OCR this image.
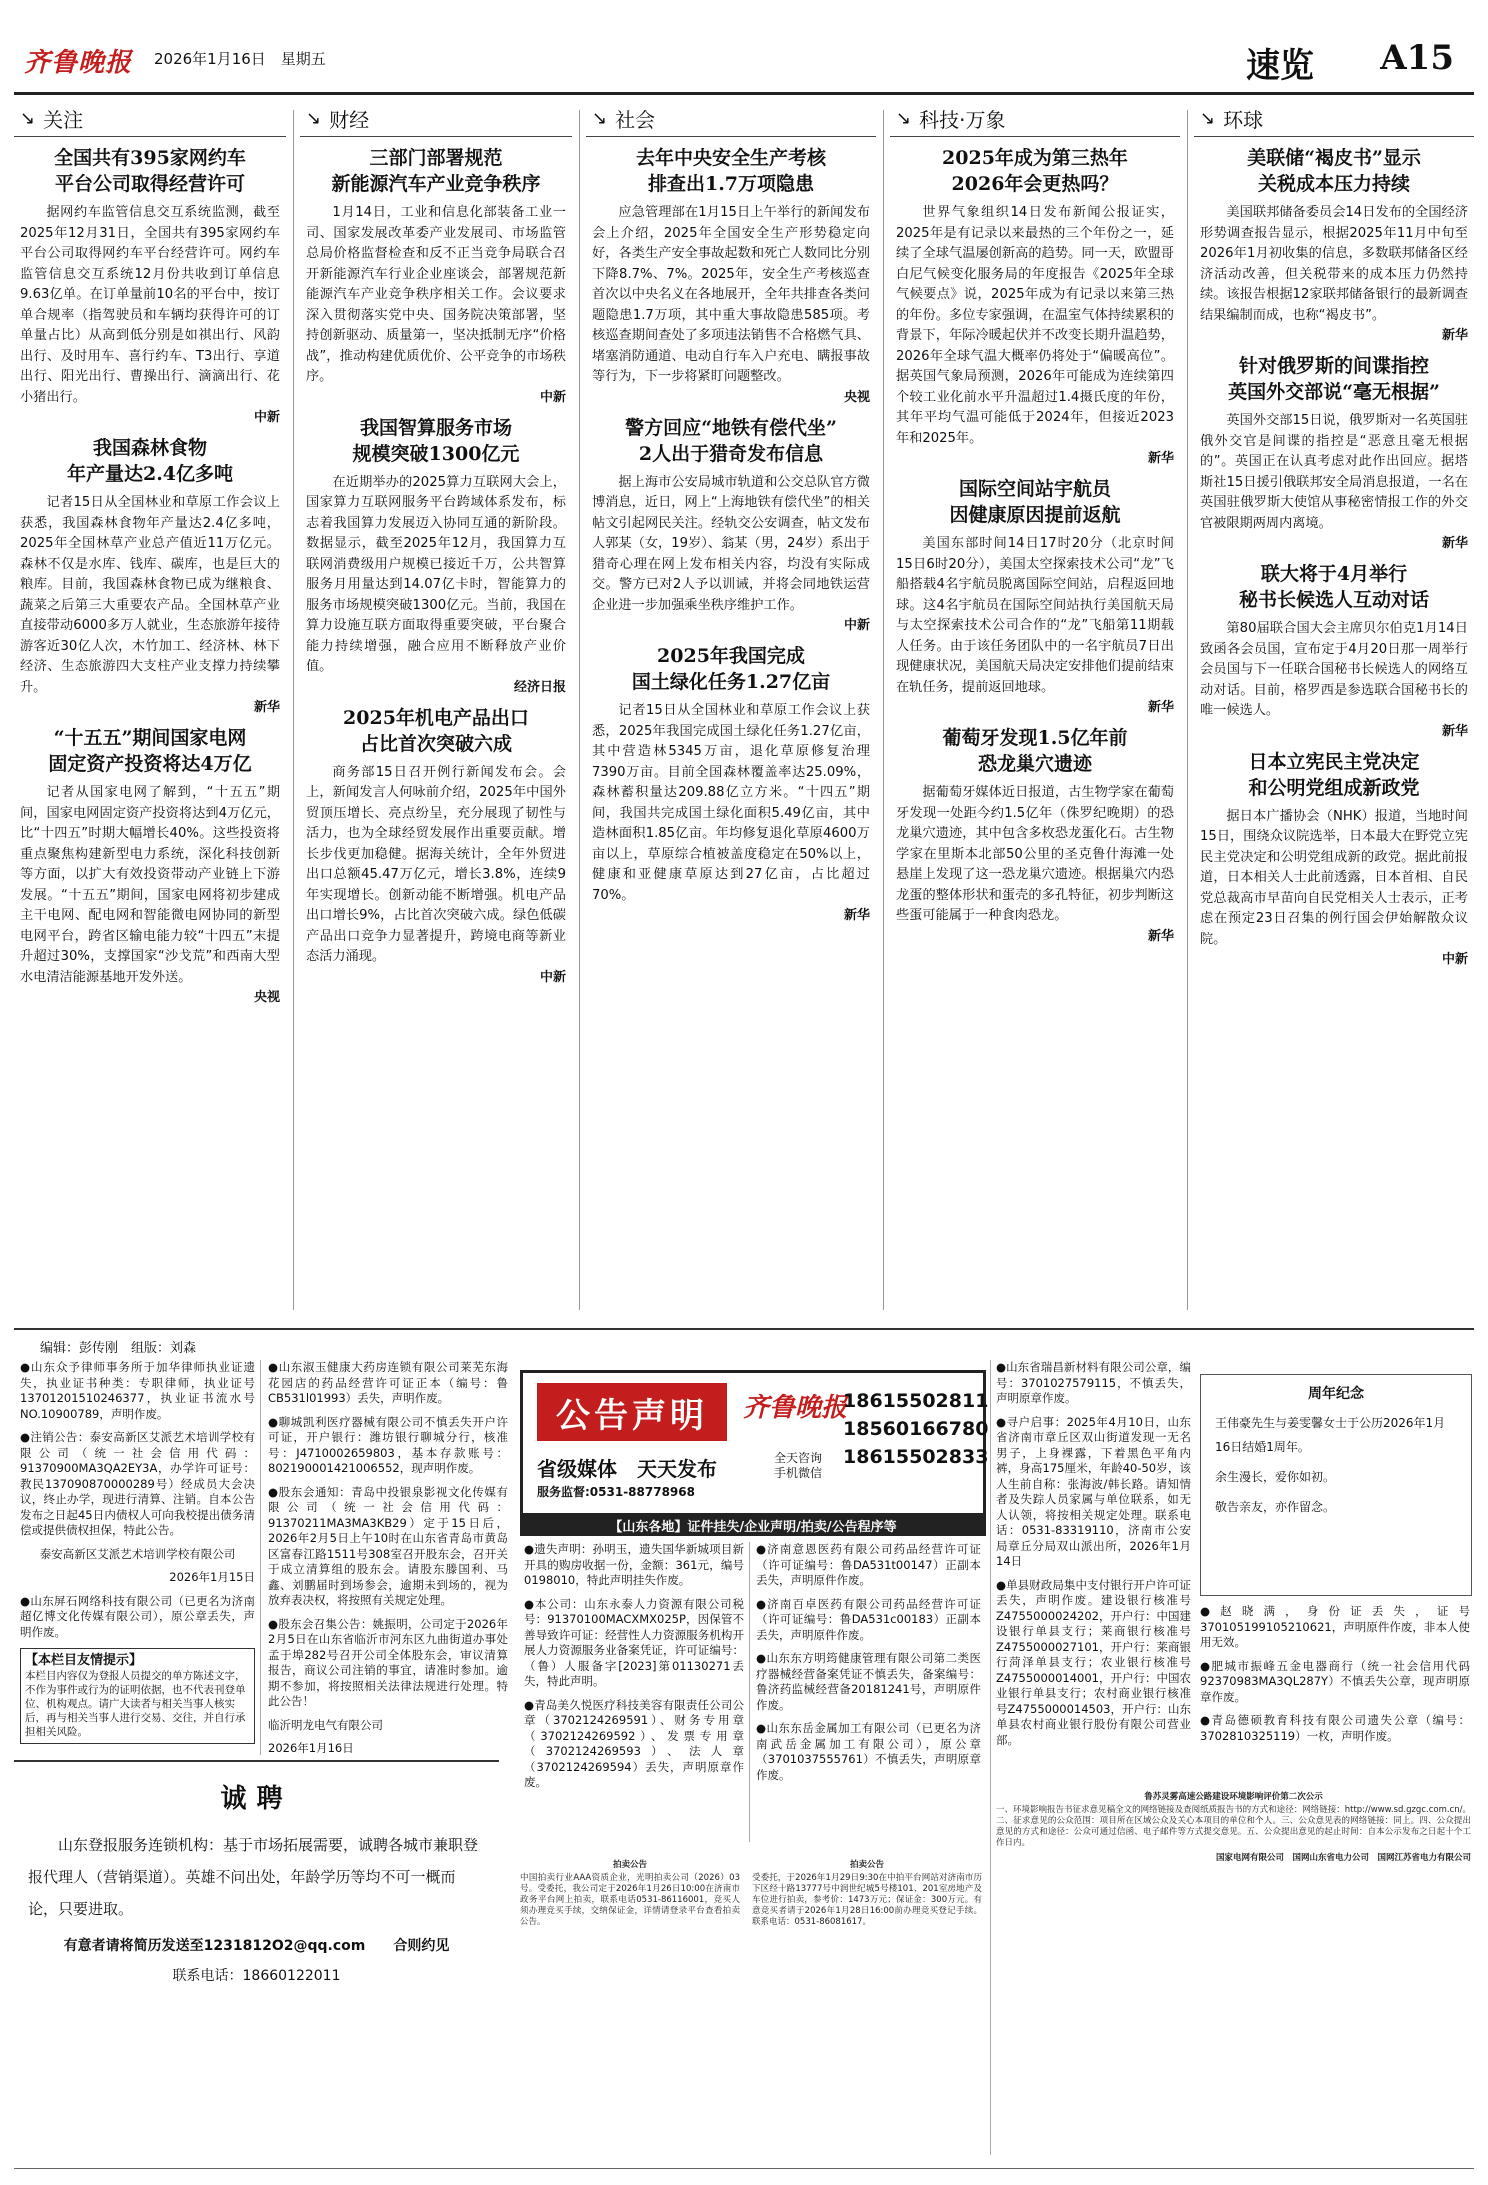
齐鲁晚报 2026年1月16日　星期五	速览 A15
↘ 关注
全国共有395家网约车
平台公司取得经营许可

据网约车监管信息交互系统监测，截至2025年12月31日，全国共有395家网约车平台公司取得网约车平台经营许可。网约车监管信息交互系统12月份共收到订单信息9.63亿单。在订单量前10名的平台中，按订单合规率（指驾驶员和车辆均获得许可的订单量占比）从高到低分别是如祺出行、风韵出行、及时用车、喜行约车、T3出行、享道出行、阳光出行、曹操出行、滴滴出行、花小猪出行。

中新
我国森林食物
年产量达2.4亿多吨

记者15日从全国林业和草原工作会议上获悉，我国森林食物年产量达2.4亿多吨，2025年全国林草产业总产值近11万亿元。森林不仅是水库、钱库、碳库，也是巨大的粮库。目前，我国森林食物已成为继粮食、蔬菜之后第三大重要农产品。全国林草产业直接带动6000多万人就业，生态旅游年接待游客近30亿人次，木竹加工、经济林、林下经济、生态旅游四大支柱产业支撑力持续攀升。

新华
“十五五”期间国家电网
固定资产投资将达4万亿

记者从国家电网了解到，“十五五”期间，国家电网固定资产投资将达到4万亿元，比“十四五”时期大幅增长40%。这些投资将重点聚焦构建新型电力系统，深化科技创新等方面，以扩大有效投资带动产业链上下游发展。“十五五”期间，国家电网将初步建成主干电网、配电网和智能微电网协同的新型电网平台，跨省区输电能力较“十四五”末提升超过30%，支撑国家“沙戈荒”和西南大型水电清洁能源基地开发外送。

央视
↘ 财经
三部门部署规范
新能源汽车产业竞争秩序

1月14日，工业和信息化部装备工业一司、国家发展改革委产业发展司、市场监管总局价格监督检查和反不正当竞争局联合召开新能源汽车行业企业座谈会，部署规范新能源汽车产业竞争秩序相关工作。会议要求深入贯彻落实党中央、国务院决策部署，坚持创新驱动、质量第一，坚决抵制无序“价格战”，推动构建优质优价、公平竞争的市场秩序。

中新
我国智算服务市场
规模突破1300亿元

在近期举办的2025算力互联网大会上，国家算力互联网服务平台跨域体系发布，标志着我国算力发展迈入协同互通的新阶段。数据显示，截至2025年12月，我国算力互联网消费级用户规模已接近千万，公共智算服务月用量达到14.07亿卡时，智能算力的服务市场规模突破1300亿元。当前，我国在算力设施互联方面取得重要突破，平台聚合能力持续增强，融合应用不断释放产业价值。

经济日报
2025年机电产品出口
占比首次突破六成

商务部15日召开例行新闻发布会。会上，新闻发言人何咏前介绍，2025年中国外贸顶压增长、亮点纷呈，充分展现了韧性与活力，也为全球经贸发展作出重要贡献。增长步伐更加稳健。据海关统计，全年外贸进出口总额45.47万亿元，增长3.8%，连续9年实现增长。创新动能不断增强。机电产品出口增长9%，占比首次突破六成。绿色低碳产品出口竞争力显著提升，跨境电商等新业态活力涌现。

中新
↘ 社会
去年中央安全生产考核
排查出1.7万项隐患

应急管理部在1月15日上午举行的新闻发布会上介绍，2025年全国安全生产形势稳定向好，各类生产安全事故起数和死亡人数同比分别下降8.7%、7%。2025年，安全生产考核巡查首次以中央名义在各地展开，全年共排查各类问题隐患1.7万项，其中重大事故隐患585项。考核巡查期间查处了多项违法销售不合格燃气具、堵塞消防通道、电动自行车入户充电、瞒报事故等行为，下一步将紧盯问题整改。

央视
警方回应“地铁有偿代坐”
2人出于猎奇发布信息

据上海市公安局城市轨道和公交总队官方微博消息，近日，网上“上海地铁有偿代坐”的相关帖文引起网民关注。经轨交公安调查，帖文发布人郭某（女，19岁）、翁某（男，24岁）系出于猎奇心理在网上发布相关内容，均没有实际成交。警方已对2人予以训诫，并将会同地铁运营企业进一步加强乘坐秩序维护工作。

中新
2025年我国完成
国土绿化任务1.27亿亩

记者15日从全国林业和草原工作会议上获悉，2025年我国完成国土绿化任务1.27亿亩，其中营造林5345万亩，退化草原修复治理7390万亩。目前全国森林覆盖率达25.09%，森林蓄积量达209.88亿立方米。“十四五”期间，我国共完成国土绿化面积5.49亿亩，其中造林面积1.85亿亩。年均修复退化草原4600万亩以上，草原综合植被盖度稳定在50%以上，健康和亚健康草原达到27亿亩，占比超过70%。

新华
↘ 科技·万象
2025年成为第三热年
2026年会更热吗？

世界气象组织14日发布新闻公报证实，2025年是有记录以来最热的三个年份之一，延续了全球气温屡创新高的趋势。同一天，欧盟哥白尼气候变化服务局的年度报告《2025年全球气候要点》说，2025年成为有记录以来第三热的年份。多位专家强调，在温室气体持续累积的背景下，年际冷暖起伏并不改变长期升温趋势，2026年全球气温大概率仍将处于“偏暖高位”。据英国气象局预测，2026年可能成为连续第四个较工业化前水平升温超过1.4摄氏度的年份，其年平均气温可能低于2024年，但接近2023年和2025年。

新华
国际空间站宇航员
因健康原因提前返航

美国东部时间14日17时20分（北京时间15日6时20分），美国太空探索技术公司“龙”飞船搭载4名宇航员脱离国际空间站，启程返回地球。这4名宇航员在国际空间站执行美国航天局与太空探索技术公司合作的“龙”飞船第11期载人任务。由于该任务团队中的一名宇航员7日出现健康状况，美国航天局决定安排他们提前结束在轨任务，提前返回地球。

新华
葡萄牙发现1.5亿年前
恐龙巢穴遗迹

据葡萄牙媒体近日报道，古生物学家在葡萄牙发现一处距今约1.5亿年（侏罗纪晚期）的恐龙巢穴遗迹，其中包含多枚恐龙蛋化石。古生物学家在里斯本北部50公里的圣克鲁什海滩一处悬崖上发现了这一恐龙巢穴遗迹。根据巢穴内恐龙蛋的整体形状和蛋壳的多孔特征，初步判断这些蛋可能属于一种食肉恐龙。

新华
↘ 环球
美联储“褐皮书”显示
关税成本压力持续

美国联邦储备委员会14日发布的全国经济形势调查报告显示，根据2025年11月中旬至2026年1月初收集的信息，多数联邦储备区经济活动改善，但关税带来的成本压力仍然持续。该报告根据12家联邦储备银行的最新调查结果编制而成，也称“褐皮书”。

新华
针对俄罗斯的间谍指控
英国外交部说“毫无根据”

英国外交部15日说，俄罗斯对一名英国驻俄外交官是间谍的指控是“恶意且毫无根据的”。英国正在认真考虑对此作出回应。据塔斯社15日援引俄联邦安全局消息报道，一名在英国驻俄罗斯大使馆从事秘密情报工作的外交官被限期两周内离境。

新华
联大将于4月举行
秘书长候选人互动对话

第80届联合国大会主席贝尔伯克1月14日致函各会员国，宣布定于4月20日那一周举行会员国与下一任联合国秘书长候选人的网络互动对话。目前，格罗西是参选联合国秘书长的唯一候选人。

新华
日本立宪民主党决定
和公明党组成新政党

据日本广播协会（NHK）报道，当地时间15日，围绕众议院选举，日本最大在野党立宪民主党决定和公明党组成新的政党。据此前报道，日本相关人士此前透露，日本首相、自民党总裁高市早苗向自民党相关人士表示，正考虑在预定23日召集的例行国会伊始解散众议院。

中新
编辑：彭传刚　组版：刘森

●山东众予律师事务所于加华律师执业证遗失，执业证书种类：专职律师，执业证号13701201510246377，执业证书流水号NO.10900789，声明作废。

●注销公告：泰安高新区艾派艺术培训学校有限公司（统一社会信用代码：91370900MA3QA2EY3A，办学许可证号：教民137090870000289号）经成员大会决议，终止办学，现进行清算、注销。自本公告发布之日起45日内债权人可向我校提出债务清偿或提供债权担保，特此公告。

泰安高新区艾派艺术培训学校有限公司

2026年1月15日

●山东屏石网络科技有限公司（已更名为济南超亿博文化传媒有限公司），原公章丢失，声明作废。

【本栏目友情提示】
本栏目内容仅为登报人员提交的单方陈述文字，不作为事件或行为的证明依据，也不代表刊登单位、机构观点。请广大读者与相关当事人核实后，再与相关当事人进行交易、交往，并自行承担相关风险。

●山东淑玉健康大药房连锁有限公司莱芜东海花园店的药品经营许可证正本（编号：鲁CB531l01993）丢失，声明作废。

●聊城凯利医疗器械有限公司不慎丢失开户许可证，开户银行：潍坊银行聊城分行，核准号：J4710002659803，基本存款账号：802190001421006552，现声明作废。

●股东会通知：青岛中投银泉影视文化传媒有限公司（统一社会信用代码：91370211MA3MA3KB29）定于15日后，2026年2月5日上午10时在山东省青岛市黄岛区富春江路1511号308室召开股东会，召开关于成立清算组的股东会。请股东滕国利、马鑫、刘鹏届时到场参会，逾期未到场的，视为放弃表决权，将按照有关规定处理。

●股东会召集公告：姚振明，公司定于2026年2月5日在山东省临沂市河东区九曲街道办事处孟于埠282号召开公司全体股东会，审议清算报告，商议公司注销的事宜，请准时参加。逾期不参加，将按照相关法律法规进行处理。特此公告！

临沂明龙电气有限公司

2026年1月16日

公告声明	齐鲁晚报
18615502811
18560166780
18615502833
省级媒体　天天发布	全天咨询　手机微信
服务监督:0531-88778968
【山东各地】证件挂失/企业声明/拍卖/公告程序等

●遗失声明：孙明玉，遗失国华新城项目新开具的购房收据一份，金额：361元，编号0198010，特此声明挂失作废。

●本公司：山东永泰人力资源有限公司税号：91370100MACXMX025P，因保管不善导致许可证：经营性人力资源服务机构开展人力资源服务业备案凭证，许可证编号：（鲁）人服备字[2023]第01130271丢失，特此声明。

●青岛美久悦医疗科技美容有限责任公司公章（3702124269591）、财务专用章（3702124269592）、发票专用章（3702124269593）、法人章（3702124269594）丢失，声明原章作废。

●济南意恩医药有限公司药品经营许可证（许可证编号：鲁DA531t00147）正副本丢失，声明原件作废。

●济南百卓医药有限公司药品经营许可证（许可证编号：鲁DA531c00183）正副本丢失，声明原件作废。

●山东东方明筠健康管理有限公司第二类医疗器械经营备案凭证不慎丢失，备案编号：鲁济药监械经营备20181241号，声明原件作废。

●山东东岳金属加工有限公司（已更名为济南武岳金属加工有限公司），原公章（3701037555761）不慎丢失，声明原章作废。

●山东省瑞昌新材料有限公司公章，编号：3701027579115，不慎丢失，声明原章作废。

●寻户启事：2025年4月10日，山东省济南市章丘区双山街道发现一无名男子，上身裸露，下着黑色平角内裤，身高175厘米，年龄40-50岁，该人生前自称：张海波/韩长路。请知情者及失踪人员家属与单位联系，如无人认领，将按相关规定处理。联系电话：0531-83319110，济南市公安局章丘分局双山派出所，2026年1月14日

●单县财政局集中支付银行开户许可证丢失，声明作废。建设银行核准号Z4755000024202，开户行：中国建设银行单县支行；莱商银行核准号Z4755000027101，开户行：莱商银行菏泽单县支行；农业银行核准号Z4755000014001，开户行：中国农业银行单县支行；农村商业银行核准号Z4755000014503，开户行：山东单县农村商业银行股份有限公司营业部。

周年纪念

王伟豪先生与姜雯馨女士于公历2026年1月16日结婚1周年。

余生漫长，爱你如初。

敬告亲友，亦作留念。

●赵晓满，身份证丢失，证号370105199105210621，声明原件作废，非本人使用无效。

●肥城市振峰五金电器商行（统一社会信用代码92370983MA3QL287Y）不慎丢失公章，现声明原章作废。

●青岛德硕教育科技有限公司遗失公章（编号：3702810325119）一枚，声明作废。

诚聘

山东登报服务连锁机构：基于市场拓展需要，诚聘各城市兼职登报代理人（营销渠道）。英雄不问出处，年龄学历等均不可一概而论，只要进取。

有意者请将简历发送至1231812O2@qq.com　　合则约见
联系电话：18660122011
拍卖公告

中国拍卖行业AAA资质企业，光明拍卖公司（2026）03号。受委托，我公司定于2026年1月26日10:00在济南市政务平台网上拍卖，联系电话0531-86116001，竞买人须办理竞买手续，交纳保证金，详情请登录平台查看拍卖公告。

拍卖公告

受委托，于2026年1月29日9:30在中拍平台网站对济南市历下区经十路13777号中润世纪城5号楼101、201室房地产及车位进行拍卖，参考价：1473万元；保证金：300万元。有意竞买者请于2026年1月28日16:00前办理竞买登记手续。联系电话：0531-86081617。

鲁苏灵雾高速公路建设环境影响评价第二次公示

一、环境影响报告书征求意见稿全文的网络链接及查阅纸质报告书的方式和途径：网络链接：http://www.sd.gzgc.com.cn/。二、征求意见的公众范围：项目所在区域公众及关心本项目的单位和个人。三、公众意见表的网络链接：同上。四、公众提出意见的方式和途径：公众可通过信函、电子邮件等方式提交意见。五、公众提出意见的起止时间：自本公示发布之日起十个工作日内。

国家电网有限公司　国网山东省电力公司　国网江苏省电力有限公司
